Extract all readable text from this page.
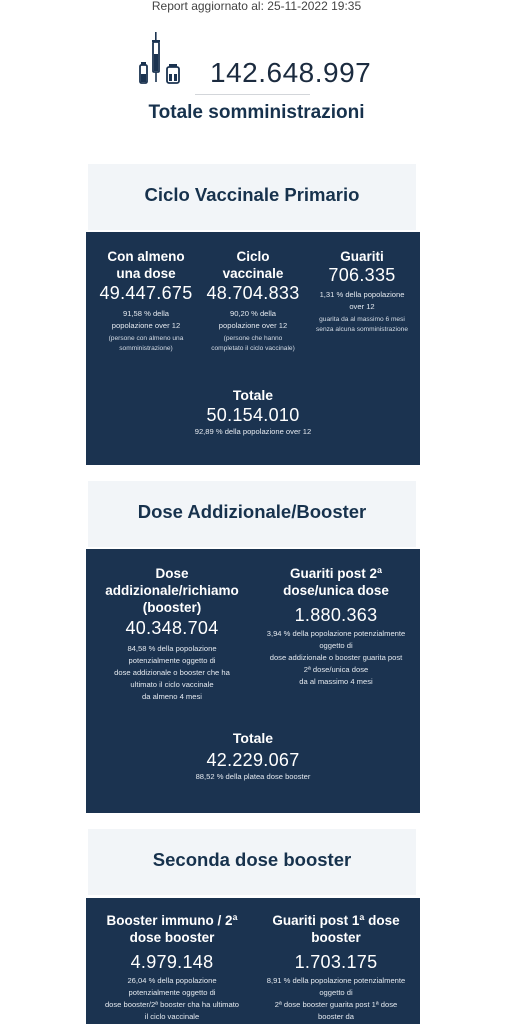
Report aggiornato al: 25-11-2022 19:35
142.648.997
Totale somministrazioni
Ciclo Vaccinale Primario
Con almeno
una dose
49.447.675
91,58 % della
popolazione over 12
(persone con almeno una
somministrazione)
Ciclo
vaccinale
48.704.833
90,20 % della
popolazione over 12
(persone che hanno
completato il ciclo vaccinale)
Guariti
706.335
1,31 % della popolazione
over 12
guarita da al massimo 6 mesi
senza alcuna somministrazione
Totale
50.154.010
92,89 % della popolazione over 12
Dose Addizionale/Booster
Dose
addizionale/richiamo
(booster)
40.348.704
84,58 % della popolazione
potenzialmente oggetto di
dose addizionale o booster che ha
ultimato il ciclo vaccinale
da almeno 4 mesi
Guariti post 2ª
dose/unica dose
1.880.363
3,94 % della popolazione potenzialmente
oggetto di
dose addizionale o booster guarita post
2ª dose/unica dose
da al massimo 4 mesi
Totale
42.229.067
88,52 % della platea dose booster
Seconda dose booster
Booster immuno / 2ª
dose booster
4.979.148
26,04 % della popolazione
potenzialmente oggetto di
dose booster/2ª booster cha ha ultimato
il ciclo vaccinale
Guariti post 1ª dose
booster
1.703.175
8,91 % della popolazione potenzialmente
oggetto di
2ª dose booster guarita post 1ª dose
booster da
